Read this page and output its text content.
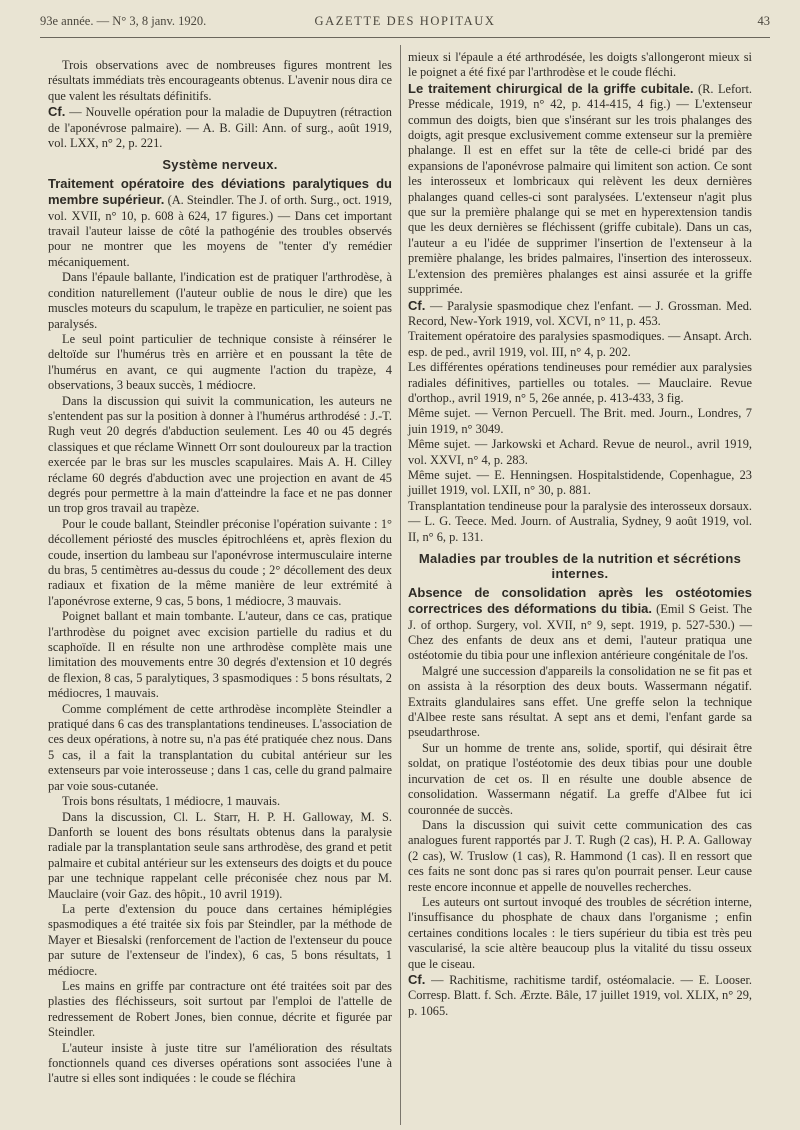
GAZETTE DES HOPITAUX
93e année. — N° 3, 8 janv. 1920.	43

Trois observations avec de nombreuses figures montrent les résultats immédiats très encourageants obtenus. L'avenir nous dira ce que valent les résultats définitifs.

Cf. — Nouvelle opération pour la maladie de Dupuytren (rétraction de l'aponévrose palmaire). — A. B. Gill: Ann. of surg., août 1919, vol. LXX, n° 2, p. 221.

Système nerveux.

Traitement opératoire des déviations paralytiques du membre supérieur. (A. Steindler. The J. of orth. Surg., oct. 1919, vol. XVII, n° 10, p. 608 à 624, 17 figures.) — Dans cet important travail l'auteur laisse de côté la pathogénie des troubles observés pour ne montrer que les moyens de "tenter d'y remédier mécaniquement.

Dans l'épaule ballante, l'indication est de pratiquer l'arthrodèse, à condition naturellement (l'auteur oublie de nous le dire) que les muscles moteurs du scapulum, le trapèze en particulier, ne soient pas paralysés.

Le seul point particulier de technique consiste à réinsérer le deltoïde sur l'humérus très en arrière et en poussant la tête de l'humérus en avant, ce qui augmente l'action du trapèze, 4 observations, 3 beaux succès, 1 médiocre.

Dans la discussion qui suivit la communication, les auteurs ne s'entendent pas sur la position à donner à l'humérus arthrodésé : J.-T. Rugh veut 20 degrés d'abduction seulement. Les 40 ou 45 degrés classiques et que réclame Winnett Orr sont douloureux par la traction exercée par le bras sur les muscles scapulaires. Mais A. H. Cilley réclame 60 degrés d'abduction avec une projection en avant de 45 degrés pour permettre à la main d'atteindre la face et ne pas donner un trop gros travail au trapèze.

Pour le coude ballant, Steindler préconise l'opération suivante : 1° décollement périosté des muscles épitrochléens et, après flexion du coude, insertion du lambeau sur l'aponévrose intermusculaire interne du bras, 5 centimètres au-dessus du coude ; 2° décollement des deux radiaux et fixation de la même manière de leur extrémité à l'aponévrose externe, 9 cas, 5 bons, 1 médiocre, 3 mauvais.

Poignet ballant et main tombante. L'auteur, dans ce cas, pratique l'arthrodèse du poignet avec excision partielle du radius et du scaphoïde. Il en résulte non une arthrodèse complète mais une limitation des mouvements entre 30 degrés d'extension et 10 degrés de flexion, 8 cas, 5 paralytiques, 3 spasmodiques : 5 bons résultats, 2 médiocres, 1 mauvais.

Comme complément de cette arthrodèse incomplète Steindler a pratiqué dans 6 cas des transplantations tendineuses. L'association de ces deux opérations, à notre su, n'a pas été pratiquée chez nous. Dans 5 cas, il a fait la transplantation du cubital antérieur sur les extenseurs par voie interosseuse ; dans 1 cas, celle du grand palmaire par voie sous-cutanée.

Trois bons résultats, 1 médiocre, 1 mauvais.

Dans la discussion, Cl. L. Starr, H. P. H. Galloway, M. S. Danforth se louent des bons résultats obtenus dans la paralysie radiale par la transplantation seule sans arthrodèse, des grand et petit palmaire et cubital antérieur sur les extenseurs des doigts et du pouce par une technique rappelant celle préconisée chez nous par M. Mauclaire (voir Gaz. des hôpit., 10 avril 1919).

La perte d'extension du pouce dans certaines hémiplégies spasmodiques a été traitée six fois par Steindler, par la méthode de Mayer et Biesalski (renforcement de l'action de l'extenseur du pouce par suture de l'extenseur de l'index), 6 cas, 5 bons résultats, 1 médiocre.

Les mains en griffe par contracture ont été traitées soit par des plasties des fléchisseurs, soit surtout par l'emploi de l'attelle de redressement de Robert Jones, bien connue, décrite et figurée par Steindler.

L'auteur insiste à juste titre sur l'amélioration des résultats fonctionnels quand ces diverses opérations sont associées l'une à l'autre si elles sont indiquées : le coude se fléchira

mieux si l'épaule a été arthrodésée, les doigts s'allongeront mieux si le poignet a été fixé par l'arthrodèse et le coude fléchi.

Le traitement chirurgical de la griffe cubitale. (R. Lefort. Presse médicale, 1919, n° 42, p. 414-415, 4 fig.) — L'extenseur commun des doigts, bien que s'insérant sur les trois phalanges des doigts, agit presque exclusivement comme extenseur sur la première phalange. Il est en effet sur la tête de celle-ci bridé par des expansions de l'aponévrose palmaire qui limitent son action. Ce sont les interosseux et lombricaux qui relèvent les deux dernières phalanges quand celles-ci sont paralysées. L'extenseur n'agit plus que sur la première phalange qui se met en hyperextension tandis que les deux dernières se fléchissent (griffe cubitale). Dans un cas, l'auteur a eu l'idée de supprimer l'insertion de l'extenseur à la première phalange, les brides palmaires, l'insertion des interosseux. L'extension des premières phalanges est ainsi assurée et la griffe supprimée.

Cf. — Paralysie spasmodique chez l'enfant. — J. Grossman. Med. Record, New-York 1919, vol. XCVI, n° 11, p. 453.

Traitement opératoire des paralysies spasmodiques. — Ansapt. Arch. esp. de ped., avril 1919, vol. III, n° 4, p. 202.

Les différentes opérations tendineuses pour remédier aux paralysies radiales définitives, partielles ou totales. — Mauclaire. Revue d'orthop., avril 1919, n° 5, 26e année, p. 413-433, 3 fig.

Même sujet. — Vernon Percuell. The Brit. med. Journ., Londres, 7 juin 1919, n° 3049.

Même sujet. — Jarkowski et Achard. Revue de neurol., avril 1919, vol. XXVI, n° 4, p. 283.

Même sujet. — E. Henningsen. Hospitalstidende, Copenhague, 23 juillet 1919, vol. LXII, n° 30, p. 881.

Transplantation tendineuse pour la paralysie des interosseux dorsaux. — L. G. Teece. Med. Journ. of Australia, Sydney, 9 août 1919, vol. II, n° 6, p. 131.

Maladies par troubles de la nutrition et sécrétions internes.

Absence de consolidation après les ostéotomies correctrices des déformations du tibia. (Emil S Geist. The J. of orthop. Surgery, vol. XVII, n° 9, sept. 1919, p. 527-530.) — Chez des enfants de deux ans et demi, l'auteur pratiqua une ostéotomie du tibia pour une inflexion antérieure congénitale de l'os.

Malgré une succession d'appareils la consolidation ne se fit pas et on assista à la résorption des deux bouts. Wassermann négatif. Extraits glandulaires sans effet. Une greffe selon la technique d'Albee reste sans résultat. A sept ans et demi, l'enfant garde sa pseudarthrose.

Sur un homme de trente ans, solide, sportif, qui désirait être soldat, on pratique l'ostéotomie des deux tibias pour une double incurvation de cet os. Il en résulte une double absence de consolidation. Wassermann négatif. La greffe d'Albee fut ici couronnée de succès.

Dans la discussion qui suivit cette communication des cas analogues furent rapportés par J. T. Rugh (2 cas), H. P. A. Galloway (2 cas), W. Truslow (1 cas), R. Hammond (1 cas). Il en ressort que ces faits ne sont donc pas si rares qu'on pourrait penser. Leur cause reste encore inconnue et appelle de nouvelles recherches.

Les auteurs ont surtout invoqué des troubles de sécrétion interne, l'insuffisance du phosphate de chaux dans l'organisme ; enfin certaines conditions locales : le tiers supérieur du tibia est très peu vascularisé, la scie altère beaucoup plus la vitalité du tissu osseux que le ciseau.

Cf. — Rachitisme, rachitisme tardif, ostéomalacie. — E. Looser. Corresp. Blatt. f. Sch. Ærzte. Bâle, 17 juillet 1919, vol. XLIX, n° 29, p. 1065.
